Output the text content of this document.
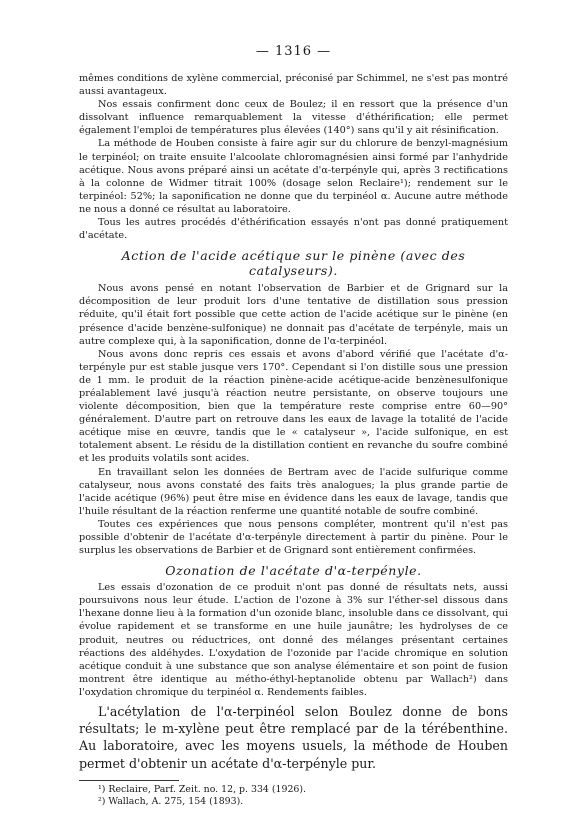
— 1316 —

mêmes conditions de xylène commercial, préconisé par Schimmel, ne s'est pas montré aussi avantageux.

Nos essais confirment donc ceux de Boulez; il en ressort que la présence d'un dissolvant influence remarquablement la vitesse d'éthérification; elle permet également l'emploi de températures plus élevées (140°) sans qu'il y ait résinification.

La méthode de Houben consiste à faire agir sur du chlorure de benzyl-magnésium le terpinéol; on traite ensuite l'alcoolate chloromagnésien ainsi formé par l'anhydride acétique. Nous avons préparé ainsi un acétate d'α-terpényle qui, après 3 rectifications à la colonne de Widmer titrait 100% (dosage selon Reclaire¹); rendement sur le terpinéol: 52%; la saponification ne donne que du terpinéol α. Aucune autre méthode ne nous a donné ce résultat au laboratoire.

Tous les autres procédés d'éthérification essayés n'ont pas donné pratiquement d'acétate.

Action de l'acide acétique sur le pinène (avec des catalyseurs).

Nous avons pensé en notant l'observation de Barbier et de Grignard sur la décomposition de leur produit lors d'une tentative de distillation sous pression réduite, qu'il était fort possible que cette action de l'acide acétique sur le pinène (en présence d'acide benzène-sulfonique) ne donnait pas d'acétate de terpényle, mais un autre complexe qui, à la saponification, donne de l'α-terpinéol.

Nous avons donc repris ces essais et avons d'abord vérifié que l'acétate d'α-terpényle pur est stable jusque vers 170°. Cependant si l'on distille sous une pression de 1 mm. le produit de la réaction pinène-acide acétique-acide benzènesulfonique préalablement lavé jusqu'à réaction neutre persistante, on observe toujours une violente décomposition, bien que la température reste comprise entre 60—90° généralement. D'autre part on retrouve dans les eaux de lavage la totalité de l'acide acétique mise en œuvre, tandis que le « catalyseur », l'acide sulfonique, en est totalement absent. Le résidu de la distillation contient en revanche du soufre combiné et les produits volatils sont acides.

En travaillant selon les données de Bertram avec de l'acide sulfurique comme catalyseur, nous avons constaté des faits très analogues; la plus grande partie de l'acide acétique (96%) peut être mise en évidence dans les eaux de lavage, tandis que l'huile résultant de la réaction renferme une quantité notable de soufre combiné.

Toutes ces expériences que nous pensons compléter, montrent qu'il n'est pas possible d'obtenir de l'acétate d'α-terpényle directement à partir du pinène. Pour le surplus les observations de Barbier et de Grignard sont entièrement confirmées.

Ozonation de l'acétate d'α-terpényle.

Les essais d'ozonation de ce produit n'ont pas donné de résultats nets, aussi poursuivons nous leur étude. L'action de l'ozone à 3% sur l'éther-sel dissous dans l'hexane donne lieu à la formation d'un ozonide blanc, insoluble dans ce dissolvant, qui évolue rapidement et se transforme en une huile jaunâtre; les hydrolyses de ce produit, neutres ou réductrices, ont donné des mélanges présentant certaines réactions des aldéhydes. L'oxydation de l'ozonide par l'acide chromique en solution acétique conduit à une substance que son analyse élémentaire et son point de fusion montrent être identique au métho-éthyl-heptanolide obtenu par Wallach²) dans l'oxydation chromique du terpinéol α. Rendements faibles.

L'acétylation de l'α-terpinéol selon Boulez donne de bons résultats; le m-xylène peut être remplacé par de la térébenthine. Au laboratoire, avec les moyens usuels, la méthode de Houben permet d'obtenir un acétate d'α-terpényle pur.

¹) Reclaire, Parf. Zeit. no. 12, p. 334 (1926).
²) Wallach, A. 275, 154 (1893).
